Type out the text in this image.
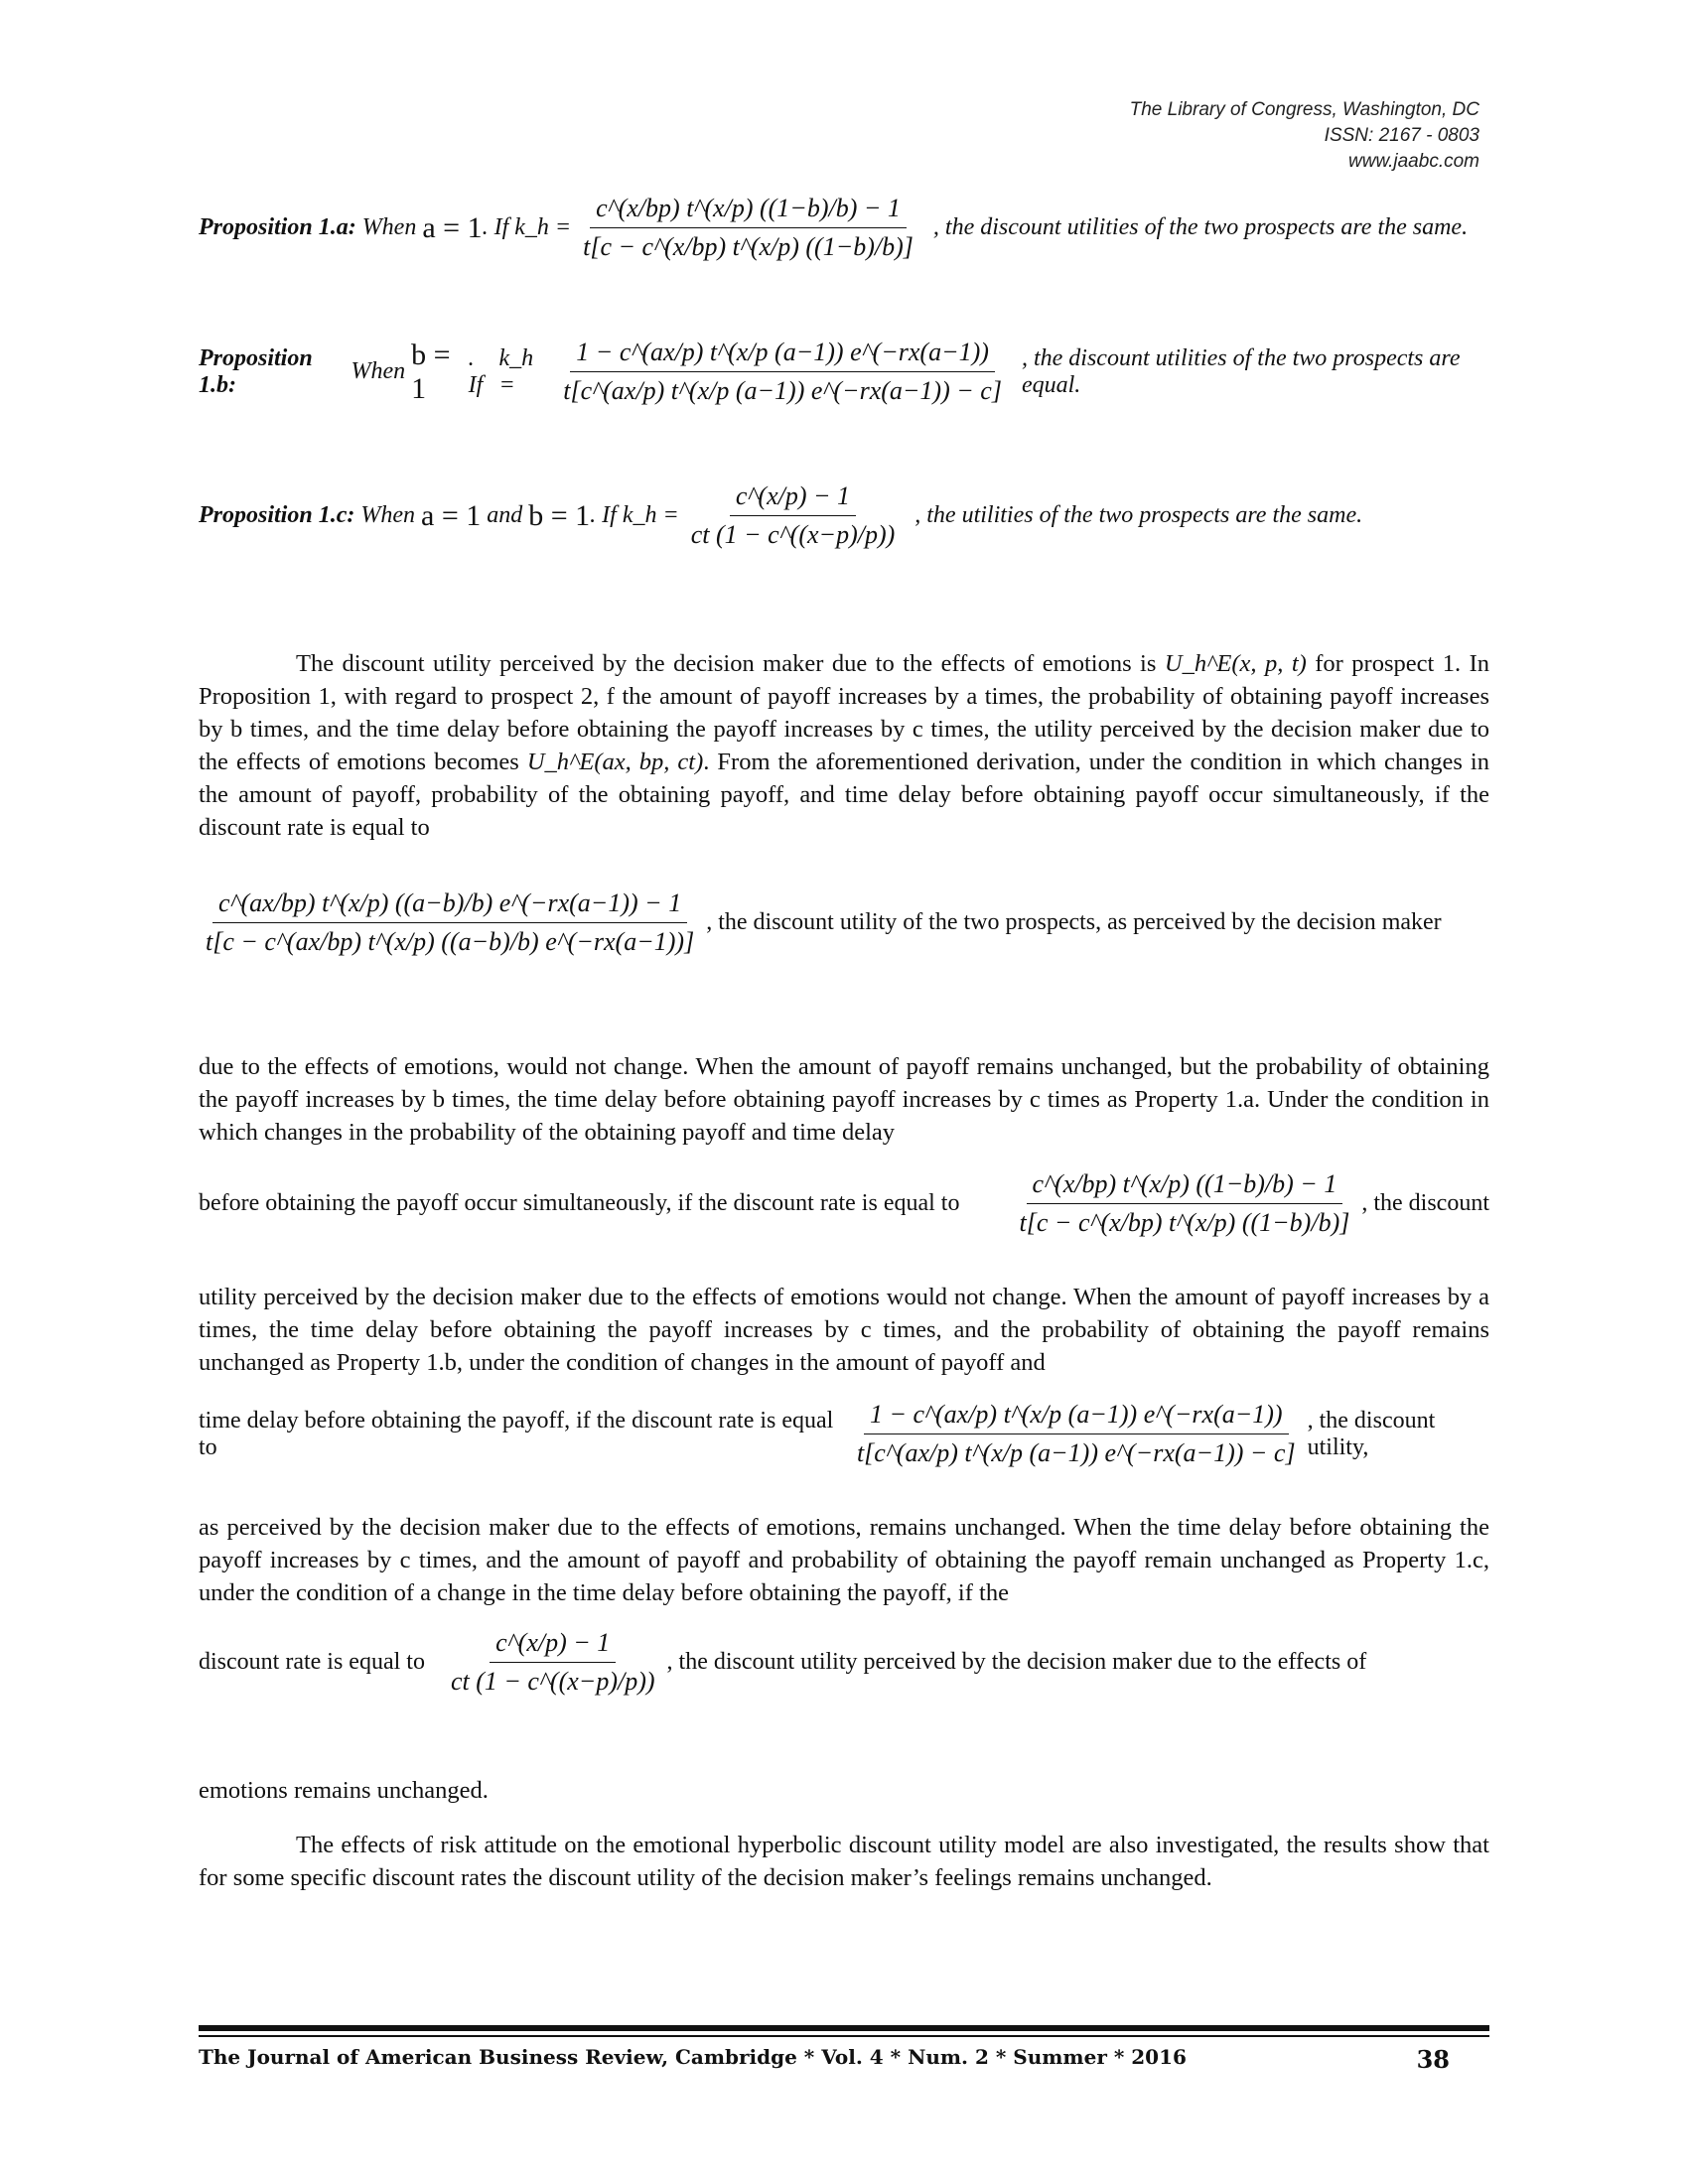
The Library of Congress, Washington, DC
ISSN: 2167 - 0803
www.jaabc.com
Proposition 1.a:
When
a = 1 . If
k_h = $\frac{c\^{}(x/bp) t\^{}(x/p) ((1-b)/b) - 1}{t[c - c\^{}(x/bp) t\^{}(x/p) ((1-b)/b)]}$ , the discount utilities of the two prospects are the same.
Proposition 1.b:

When

b = 1
. If

k_h =	$\frac{1 - c\^{}(ax/p) t\^{}(x/p (a-1)) e\^{}(-rx(a-1))}{t[c\^{}(ax/p) t\^{}(x/p (a-1)) e\^{}(-rx(a-1)) - c]}$ , the discount utilities of the two prospects are equal.
Proposition 1.c:
When
a = 1
and
b = 1 . If
k_h = $\frac{c\^{}(x/p) - 1}{ct (1 - c\^{}((x-p)/p))}$ , the utilities of the two prospects are the same.
The discount utility perceived by the decision maker due to the effects of emotions is U_h^E(x, p, t) for prospect 1. In Proposition 1, with regard to prospect 2, f the amount of payoff increases by a times, the probability of obtaining payoff increases by b times, and the time delay before obtaining the payoff increases by c times, the utility perceived by the decision maker due to the effects of emotions becomes U_h^E(ax, bp, ct). From the aforementioned derivation, under the condition in which changes in the amount of payoff, probability of the obtaining payoff, and time delay before obtaining payoff occur simultaneously, if the discount rate is equal to
$\frac{c\^{}(ax/bp) t\^{}(x/p) ((a-b)/b) e\^{}(-rx(a-1)) - 1}{t[c - c\^{}(ax/bp) t\^{}(x/p) ((a-b)/b) e\^{}(-rx(a-1))]}$ , the discount utility of the two prospects, as perceived by the decision maker
due to the effects of emotions, would not change. When the amount of payoff remains unchanged, but the probability of obtaining the payoff increases by b times, the time delay before obtaining payoff increases by c times as Property 1.a. Under the condition in which changes in the probability of the obtaining payoff and time delay
before obtaining the payoff occur simultaneously, if the discount rate is equal to $\frac{c\^{}(x/bp) t\^{}(x/p) ((1-b)/b) - 1}{t[c - c\^{}(x/bp) t\^{}(x/p) ((1-b)/b)]}$ , the discount
utility perceived by the decision maker due to the effects of emotions would not change. When the amount of payoff increases by a times, the time delay before obtaining the payoff increases by c times, and the probability of obtaining the payoff remains unchanged as Property 1.b, under the condition of changes in the amount of payoff and
time delay before obtaining the payoff, if the discount rate is equal to	$\frac{1 - c\^{}(ax/p) t\^{}(x/p (a-1)) e\^{}(-rx(a-1))}{t[c\^{}(ax/p) t\^{}(x/p (a-1)) e\^{}(-rx(a-1)) - c]}$ , the discount utility,
as perceived by the decision maker due to the effects of emotions, remains unchanged. When the time delay before obtaining the payoff increases by c times, and the amount of payoff and probability of obtaining the payoff remain unchanged as Property 1.c, under the condition of a change in the time delay before obtaining the payoff, if the
discount rate is equal to $\frac{c\^{}(x/p) - 1}{ct (1 - c\^{}((x-p)/p))}$ , the discount utility perceived by the decision maker due to the effects of
emotions remains unchanged.
The effects of risk attitude on the emotional hyperbolic discount utility model are also investigated, the results show that for some specific discount rates the discount utility of the decision maker’s feelings remains unchanged.
The Journal of American Business Review, Cambridge * Vol. 4 * Num. 2 * Summer * 2016	38
